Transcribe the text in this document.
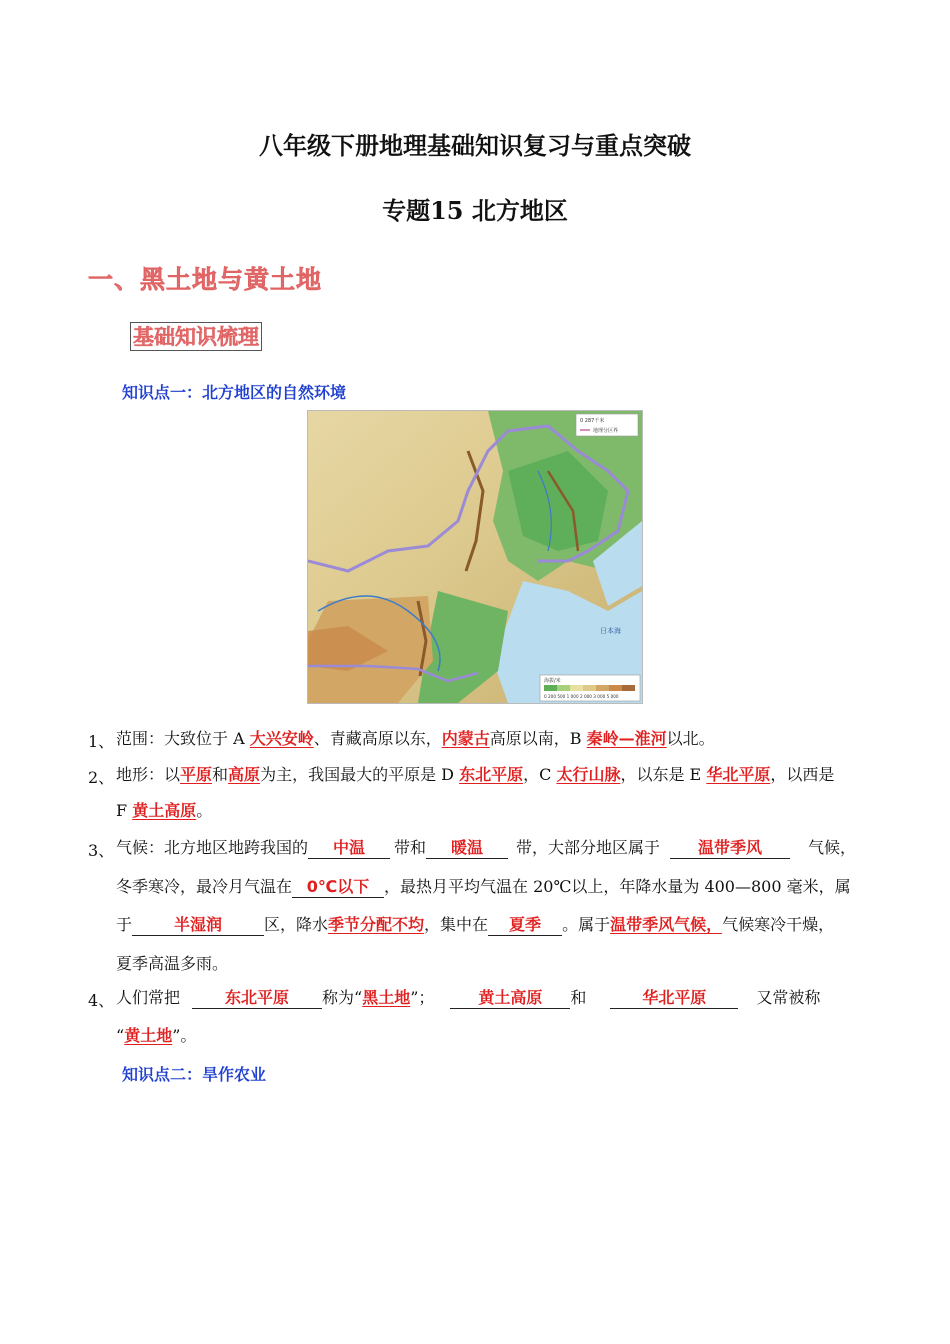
八年级下册地理基础知识复习与重点突破
专题15 北方地区
一、黑土地与黄土地
基础知识梳理
知识点一：北方地区的自然环境
0 287千米
地理分区界
日本海
海拔/米
0 200 500 1 000 2 000 3 000 5 000
1、 范围：大致位于 A 大兴安岭、青藏高原以东，内蒙古高原以南，B 秦岭—淮河以北。
2、 地形：以平原和高原为主，我国最大的平原是 D 东北平原，C 太行山脉，以东是 E 华北平原，以西是
F 黄土高原。
3、 气候：北方地区地跨我国的 中温 带和 暖温 带，大部分地区属于 温带季风	气候，
冬季寒冷，最冷月气温在 0℃以下 ，最热月平均气温在 20℃以上，年降水量为 400—800 毫米，属
于	半湿润	区，降水季节分配不均，集中在 夏季 。属于温带季风气候，气候寒冷干燥，
夏季高温多雨。
4、 人们常把	东北平原 称为“黑土地”；	黄土高原 和	华北平原	又常被称
“黄土地”。
知识点二：旱作农业
